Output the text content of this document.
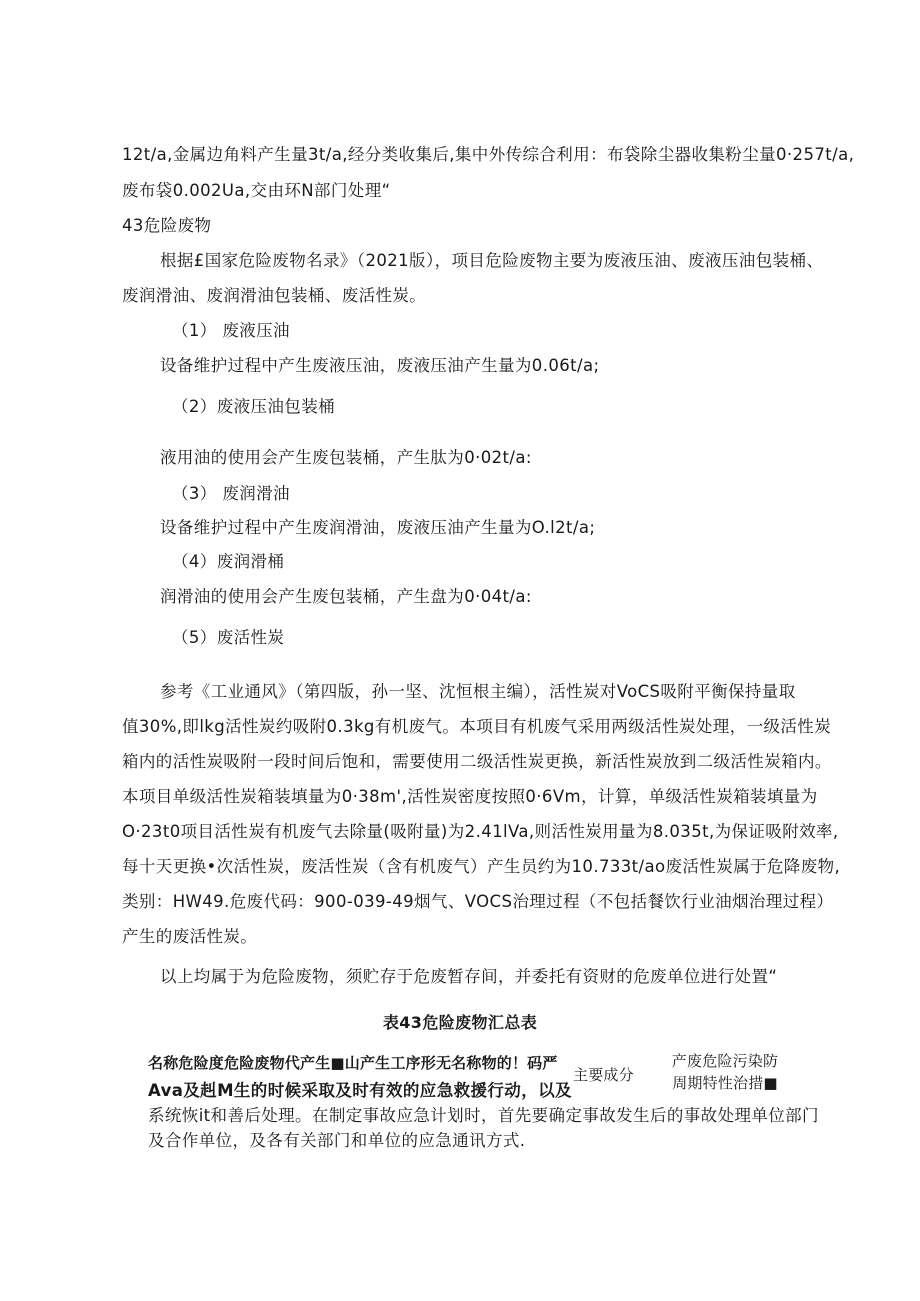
12t/a,金属边角料产生量3t/a,经分类收集后,集中外传综合利用：布袋除尘器收集粉尘量0·257t/a,
废布袋0.002Ua,交由环N部门处理“
43危险废物
根据£国家危险废物名录》（2021版），项目危险废物主要为废液压油、废液压油包装桶、
废润滑油、废润滑油包装桶、废活性炭。
（1） 废液压油
设备维护过程中产生废液压油，废液压油产生量为0.06t/a;
（2）废液压油包装桶
液用油的使用会产生废包装桶，产生肽为0·02t/a:
（3） 废润滑油
设备维护过程中产生废润滑油，废液压油产生量为O.l2t/a;
（4）废润滑桶
润滑油的使用会产生废包装桶，产生盘为0·04t/a:
（5）废活性炭
参考《工业通风》（第四版，孙一坚、沈恒根主编），活性炭对VoCS吸附平衡保持量取
值30%,即lkg活性炭约吸附0.3kg有机废气。本项目有机废气采用两级活性炭处理，一级活性炭
箱内的活性炭吸附一段时间后饱和，需要使用二级活性炭更换，新活性炭放到二级活性炭箱内。
本项目单级活性炭箱装填量为0·38m',活性炭密度按照0·6Vm，计算，单级活性炭箱装填量为
O·23t0项目活性炭有机废气去除量(吸附量)为2.41lVa,则活性炭用量为8.035t,为保证吸附效率,
每十天更换•次活性炭，废活性炭（含有机废气）产生员约为10.733t/ao废活性炭属于危降废物,
类别：HW49.危废代码：900-039-49烟气、VOCS治理过程（不包括餐饮行业油烟治理过程）
产生的废活性炭。
以上均属于为危险废物，须贮存于危废暂存间，并委托有资财的危废单位进行处置“
表43危险废物汇总表
名称危险度危险废物代产生■山产生工序形无名称物的！码严
主要成分
产废危险污染防
周期特性治措■
Ava及赳M生的时候采取及时有效的应急救援行动，以及
系统恢it和善后处理。在制定事故应急计划时，首先要确定事故发生后的事故处理单位部门
及合作单位，及各有关部门和单位的应急通讯方式.
